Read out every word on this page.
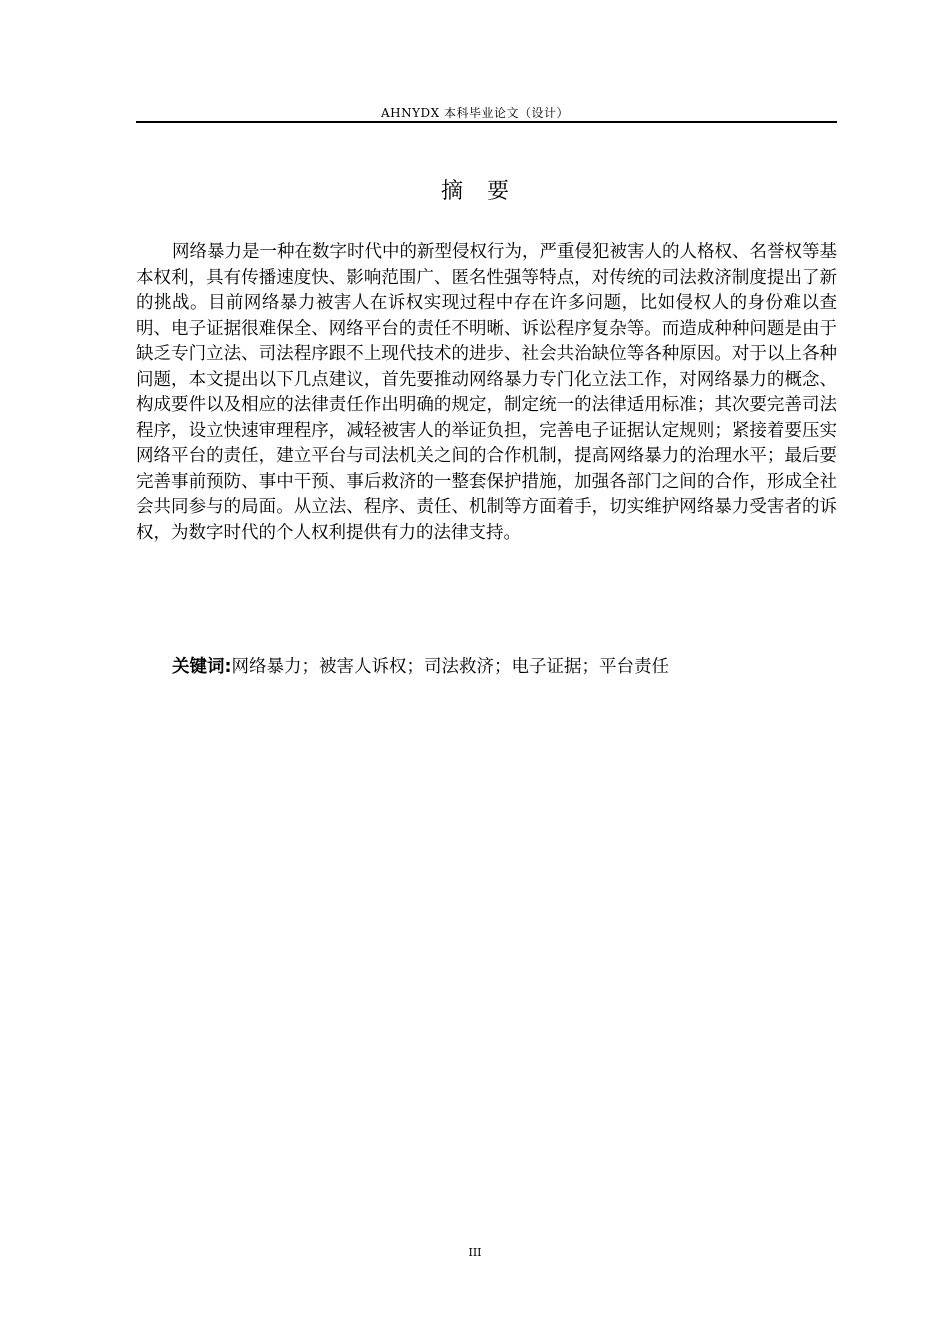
AHNYDX 本科毕业论文（设计）
摘要

网络暴力是一种在数字时代中的新型侵权行为，严重侵犯被害人的人格权、名誉权等基本权利，具有传播速度快、影响范围广、匿名性强等特点，对传统的司法救济制度提出了新的挑战。目前网络暴力被害人在诉权实现过程中存在许多问题，比如侵权人的身份难以查明、电子证据很难保全、网络平台的责任不明晰、诉讼程序复杂等。而造成种种问题是由于缺乏专门立法、司法程序跟不上现代技术的进步、社会共治缺位等各种原因。对于以上各种问题，本文提出以下几点建议，首先要推动网络暴力专门化立法工作，对网络暴力的概念、构成要件以及相应的法律责任作出明确的规定，制定统一的法律适用标准；其次要完善司法程序，设立快速审理程序，减轻被害人的举证负担，完善电子证据认定规则；紧接着要压实网络平台的责任，建立平台与司法机关之间的合作机制，提高网络暴力的治理水平；最后要完善事前预防、事中干预、事后救济的一整套保护措施，加强各部门之间的合作，形成全社会共同参与的局面。从立法、程序、责任、机制等方面着手，切实维护网络暴力受害者的诉权，为数字时代的个人权利提供有力的法律支持。

关键词:网络暴力；被害人诉权；司法救济；电子证据；平台责任
III
